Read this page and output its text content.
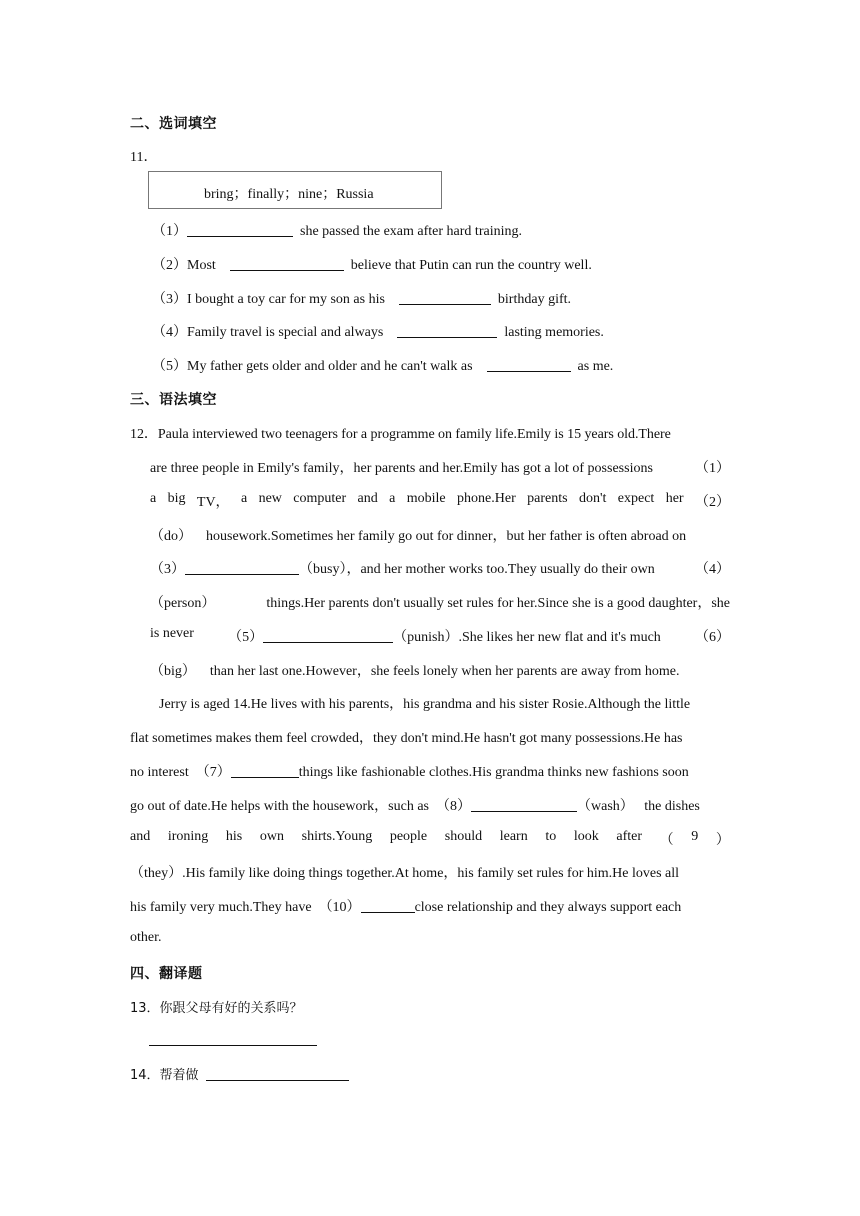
二、选词填空
11．
bring；finally；nine；Russia
（1）	she passed the exam after hard training.
（2）Most	believe that Putin can run the country well.
（3）I bought a toy car for my son as his	birthday gift.
（4）Family travel is special and always	lasting memories.
（5）My father gets older and older and he can't walk as	as me.
三、语法填空
12．Paula interviewed two teenagers for a programme on family life.Emily is 15 years old.There
are three people in Emily's family，her parents and her.Emily has got a lot of possessions	（1）
a big TV， a new computer and a mobile phone.Her parents don't expect her （2）
（do） housework.Sometimes her family go out for dinner，but her father is often abroad on
（3）	（busy），and her mother works too.They usually do their own	（4）
（person）	things.Her parents don't usually set rules for her.Since she is a good daughter，she
is never （5）	（punish）.She likes her new flat and it's much （6）
（big） than her last one.However，she feels lonely when her parents are away from home.
Jerry is aged 14.He lives with his parents，his grandma and his sister Rosie.Although the little
flat sometimes makes them feel crowded，they don't mind.He hasn't got many possessions.He has
no interest （7）	things like fashionable clothes.His grandma thinks new fashions soon
go out of date.He helps with the housework，such as （8）	（wash） the dishes
and ironing his own shirts.Young people should learn to look after （ 9 ）
（they）.His family like doing things together.At home，his family set rules for him.He loves all
his family very much.They have （10）	close relationship and they always support each
other.
四、翻译题
13．你跟父母有好的关系吗？
14．帮着做
